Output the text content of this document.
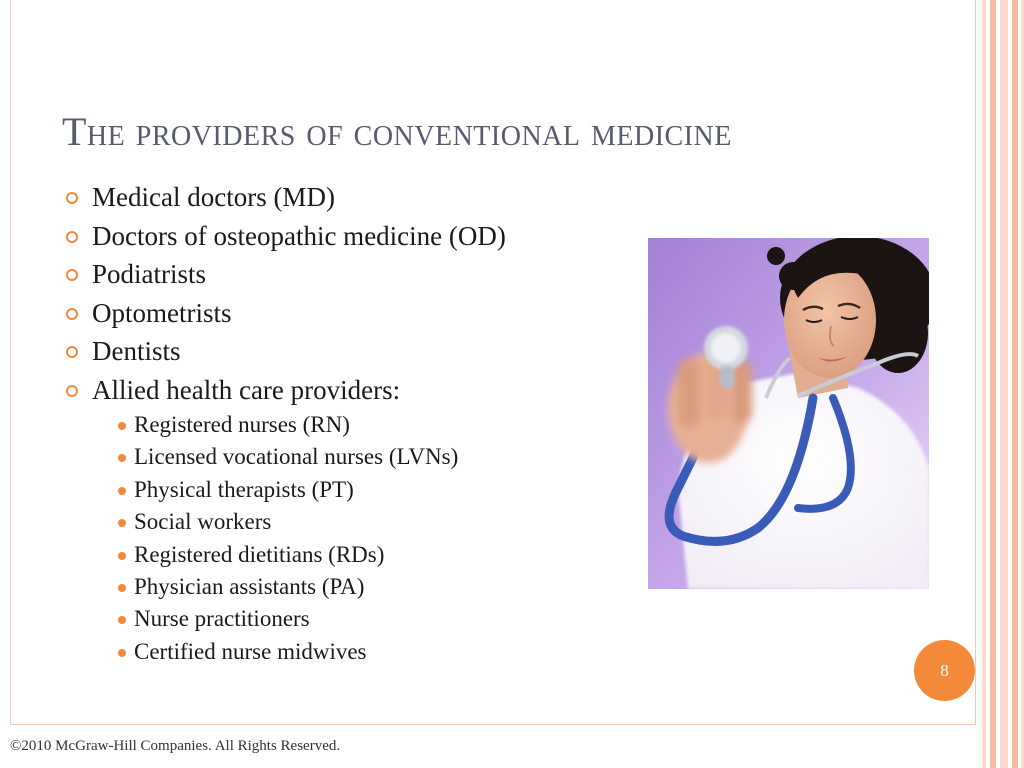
The providers of conventional medicine
Medical doctors (MD)
Doctors of osteopathic medicine (OD)
Podiatrists
Optometrists
Dentists
Allied health care providers:
Registered nurses (RN)
Licensed vocational nurses (LVNs)
Physical therapists (PT)
Social workers
Registered dietitians (RDs)
Physician assistants (PA)
Nurse practitioners
Certified nurse midwives
8
©2010 McGraw-Hill Companies. All Rights Reserved.
